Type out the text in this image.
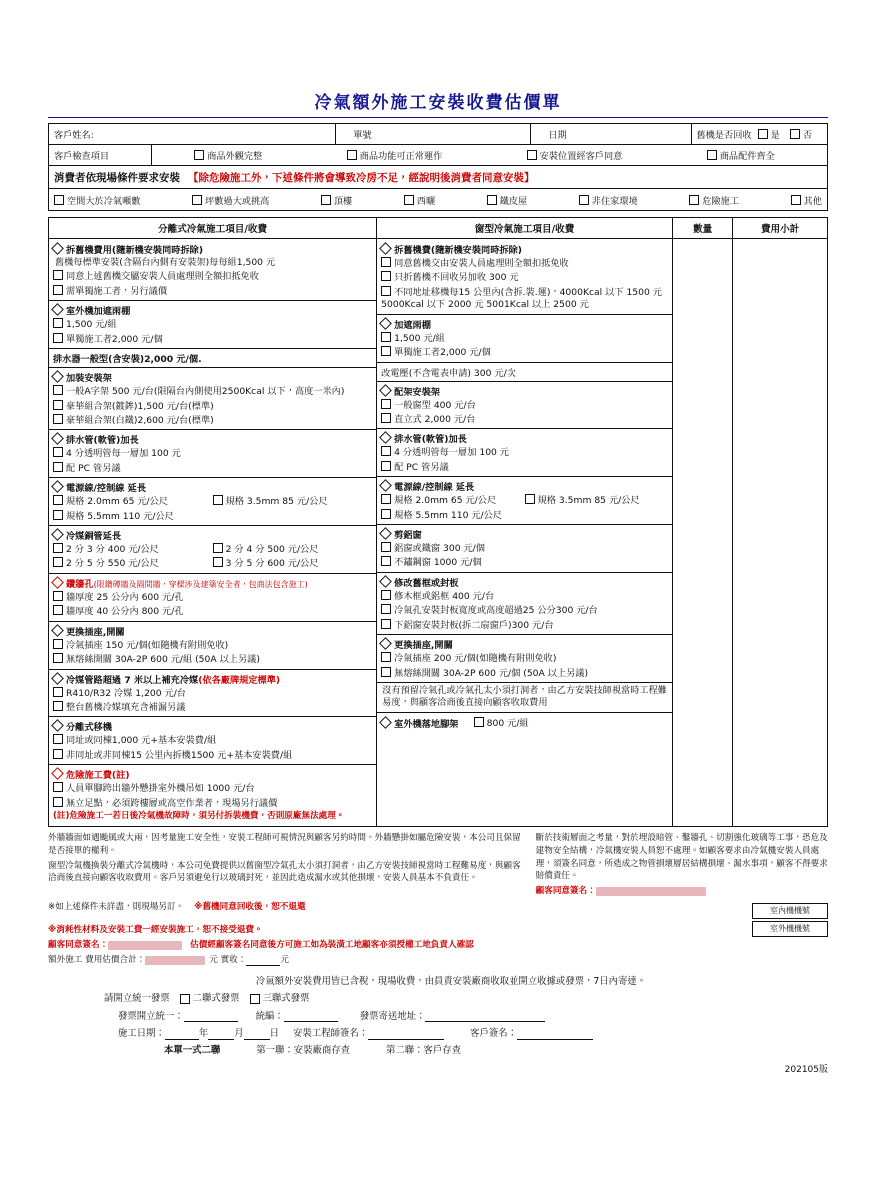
冷氣額外施工安裝收費估價單
客戶姓名:	單號	日期	舊機是否回收 是	否
客戶檢查項目	商品外觀完整	商品功能可正常運作	安裝位置經客戶同意	商品配件齊全
消費者依現場條件要求安裝 【除危險施工外，下述條件將會導致冷房不足，經說明後消費者同意安裝】
空間大於冷氣噸數	坪數過大或挑高	頂樓	西曬	鐵皮屋	非住家環境	危險施工	其他
分離式冷氣施工項目/收費	窗型冷氣施工項目/收費	數量	費用小計

拆舊機費用(隨新機安裝同時拆除)
舊機每標準安裝(含隔台內側有安裝架)每每組1,500 元
同意上述舊機交屬安裝人員處理則全額扣抵免收
需單獨施工者，另行議價
室外機加遮雨棚
1,500 元/組
單獨施工者2,000 元/個
排水器一般型(含安裝)2,000 元/個.
加裝安裝架
一般A字架 500 元/台(限隔台內側使用2500Kcal 以下，高度一米內)
豪華組合架(鍍鉾)1,500 元/台(標準)
豪華組合架(白鐵)2,600 元/台(標準)
排水管(軟管)加長
4 分透明管每一層加 100 元
配 PC 管另議
電源線/控制線 延長
規格 2.0mm 65 元/公尺	規格 3.5mm 85 元/公尺
規格 5.5mm 110 元/公尺
冷媒銅管延長
2 分 3 分 400 元/公尺	2 分 4 分 500 元/公尺
2 分 5 分 550 元/公尺	3 分 5 分 600 元/公尺
鑽牆孔(限鑽磚牆及隔間牆，穿樑涉及建築安全者，包商法包含施工)
牆厚度 25 公分內 600 元/孔
牆厚度 40 公分內 800 元/孔
更換插座,開關
冷氣插座 150 元/個(如隨機有附則免收)
無熔絲開關 30A-2P 600 元/組 (50A 以上另議)
冷媒管路超過 7 米以上補充冷媒(依各廠牌規定標準)
R410/R32 冷媒 1,200 元/台
整台舊機冷媒填充含補漏另議
分離式移機
同址或同棟1,000 元+基本安裝費/組
非同址或非同棟15 公里內拆機1500 元+基本安裝費/組
危險施工費(註)
人員單腳跨出牆外懸掛室外機吊如 1000 元/台
無立足點，必須跨樓層或高空作業者，現場另行議價
(註)危險施工一若日後冷氣機故障時，須另付拆裝機費，否則原廠無法處理。

拆舊機費(隨新機安裝同時拆除)
同意舊機交由安裝人員處理則全額扣抵免收
只折舊機不回收另加收 300 元
不同地址移機每15 公里內(含拆.裝.運)，4000Kcal 以下 1500 元 5000Kcal 以下 2000 元 5001Kcal 以上 2500 元
加遮雨棚
1,500 元/組
單獨施工者2,000 元/個
改電壓(不含電表申請) 300 元/次
配架安裝架
一般窗型 400 元/台
直立式 2,000 元/台
排水管(軟管)加長
4 分透明管每一層加 100 元
配 PC 管另議
電源線/控制線 延長
規格 2.0mm 65 元/公尺	規格 3.5mm 85 元/公尺
規格 5.5mm 110 元/公尺
剪鋁窗
鋁窗或鐵窗 300 元/個
不鏽鋼窗 1000 元/個
修改舊框或封板
修木框或鋁框 400 元/台
冷氣孔安裝封板寬度或高度超過25 公分300 元/台
下鋁窗安裝封板(拆二扇窗戶)300 元/台
更換插座,開關
冷氣插座 200 元/個(如隨機有附則免收)
無熔絲開關 30A-2P 600 元/個 (50A 以上另議)
沒有預留冷氣孔或冷氣孔太小須打洞者，由乙方安裝技師視當時工程難易度，與顧客洽商後直接向顧客收取費用
室外機落地腳架	800 元/組

外牆牆面如遇颱風或大兩，因考量施工安全性，安裝工程師可視情況與顧客另約時間。外牆懸掛如屬危險安裝，本公司且保留是否接單的權利。
窗型冷氣機換裝分離式冷氣機時，本公司免費提供以舊窗型冷氣孔太小須打洞者，由乙方安裝技師視當時工程難易度，與顧客洽商後直接向顧客收取費用。客戶另須避免行以玻璃封死，並因此造成漏水或其他損壞，安裝人員基本不負責任。
斷於技術層面之考量，對於埋設暗管、鑿牆孔、切割強化玻璃等工事，恐危及建物安全結構，冷氣機安裝人員恕不處理。如顧客要求由冷氣機安裝人員處理，須簽名同意，所造成之物管損壞層居結構損壞、漏水事項，顧客不得要求賠償責任。
顧客同意簽名：
※如上述條件未詳盡，則現場另訂。 ※舊機同意回收後，恕不退還
※消耗性材料及安裝工費一經安裝施工，恕不接受退費。
顧客同意簽名：	估價經顧客簽名同意後方可施工如為裝潢工地顧客亦須授權工地負責人確認
額外施工 費用估價合計：	元 實收：	元
室內機機號
室外機機號
冷氣額外安裝費用皆已含稅，現場收費，由員責安裝廠商收取並開立收據或發票，7日內寄達。
請開立統一發票 二聯式發票 三聯式發票
發票開立統一：	統編：	發票寄送地址：
施工日期：	年	月	日 安裝工程師簽名：	客戶簽名：
本單一式二聯	第一聯：安裝廠商存查	第二聯：客戶存查
202105版
